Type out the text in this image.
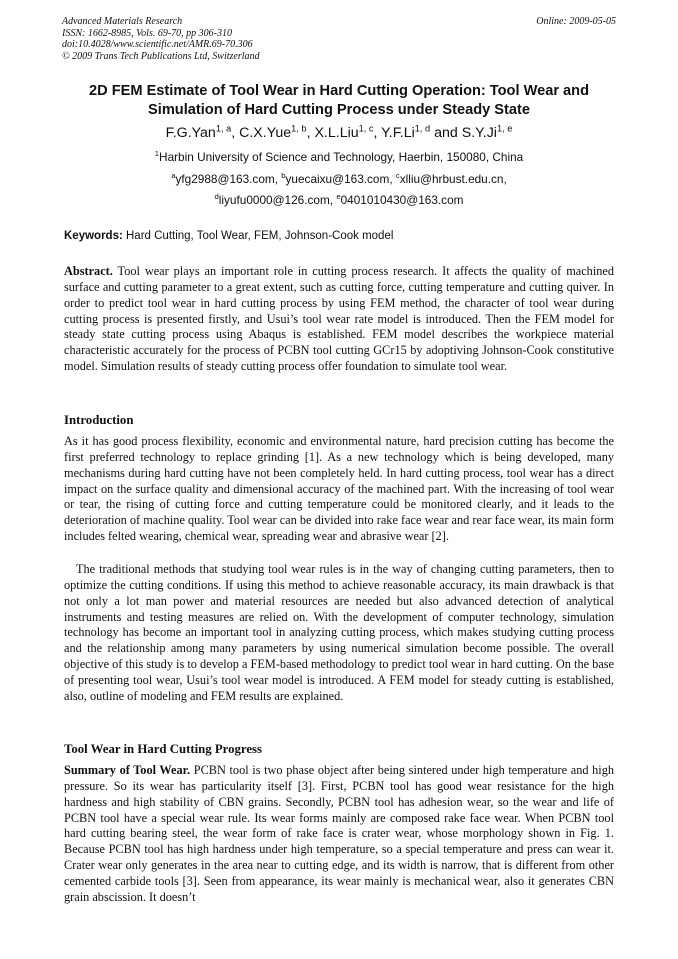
Advanced Materials Research
ISSN: 1662-8985, Vols. 69-70, pp 306-310
doi:10.4028/www.scientific.net/AMR.69-70.306
© 2009 Trans Tech Publications Ltd, Switzerland
Online: 2009-05-05
2D FEM Estimate of Tool Wear in Hard Cutting Operation: Tool Wear and
Simulation of Hard Cutting Process under Steady State
F.G.Yan$^{1, a}$, C.X.Yue$^{1, b}$, X.L.Liu$^{1, c}$, Y.F.Li$^{1, d}$ and S.Y.Ji$^{1, e}$
$^1$Harbin University of Science and Technology, Haerbin, 150080, China
$^a$yfg2988@163.com, $^b$yuecaixu@163.com, $^c$xlliu@hrbust.edu.cn,
$^d$liyufu0000@126.com, $^e$0401010430@163.com
Keywords: Hard Cutting, Tool Wear, FEM, Johnson-Cook model
Abstract. Tool wear plays an important role in cutting process research. It affects the quality of machined surface and cutting parameter to a great extent, such as cutting force, cutting temperature and cutting quiver. In order to predict tool wear in hard cutting process by using FEM method, the character of tool wear during cutting process is presented firstly, and Usui’s tool wear rate model is introduced. Then the FEM model for steady state cutting process using Abaqus is established. FEM model describes the workpiece material characteristic accurately for the process of PCBN tool cutting GCr15 by adoptiving Johnson-Cook constitutive model. Simulation results of steady cutting process offer foundation to simulate tool wear.
Introduction
As it has good process flexibility, economic and environmental nature, hard precision cutting has become the first preferred technology to replace grinding [1]. As a new technology which is being developed, many mechanisms during hard cutting have not been completely held. In hard cutting process, tool wear has a direct impact on the surface quality and dimensional accuracy of the machined part. With the increasing of tool wear or tear, the rising of cutting force and cutting temperature could be monitored clearly, and it leads to the deterioration of machine quality. Tool wear can be divided into rake face wear and rear face wear, its main form includes felted wearing, chemical wear, spreading wear and abrasive wear [2].
The traditional methods that studying tool wear rules is in the way of changing cutting parameters, then to optimize the cutting conditions. If using this method to achieve reasonable accuracy, its main drawback is that not only a lot man power and material resources are needed but also advanced detection of analytical instruments and testing measures are relied on. With the development of computer technology, simulation technology has become an important tool in analyzing cutting process, which makes studying cutting process and the relationship among many parameters by using numerical simulation become possible. The overall objective of this study is to develop a FEM-based methodology to predict tool wear in hard cutting. On the base of presenting tool wear, Usui’s tool wear model is introduced. A FEM model for steady cutting is established, also, outline of modeling and FEM results are explained.
Tool Wear in Hard Cutting Progress
Summary of Tool Wear. PCBN tool is two phase object after being sintered under high temperature and high pressure. So its wear has particularity itself [3]. First, PCBN tool has good wear resistance for the high hardness and high stability of CBN grains. Secondly, PCBN tool has adhesion wear, so the wear and life of PCBN tool have a special wear rule. Its wear forms mainly are composed rake face wear. When PCBN tool hard cutting bearing steel, the wear form of rake face is crater wear, whose morphology shown in Fig. 1. Because PCBN tool has high hardness under high temperature, so a special temperature and press can wear it. Crater wear only generates in the area near to cutting edge, and its width is narrow, that is different from other cemented carbide tools [3]. Seen from appearance, its wear mainly is mechanical wear, also it generates CBN grain abscission. It doesn’t
